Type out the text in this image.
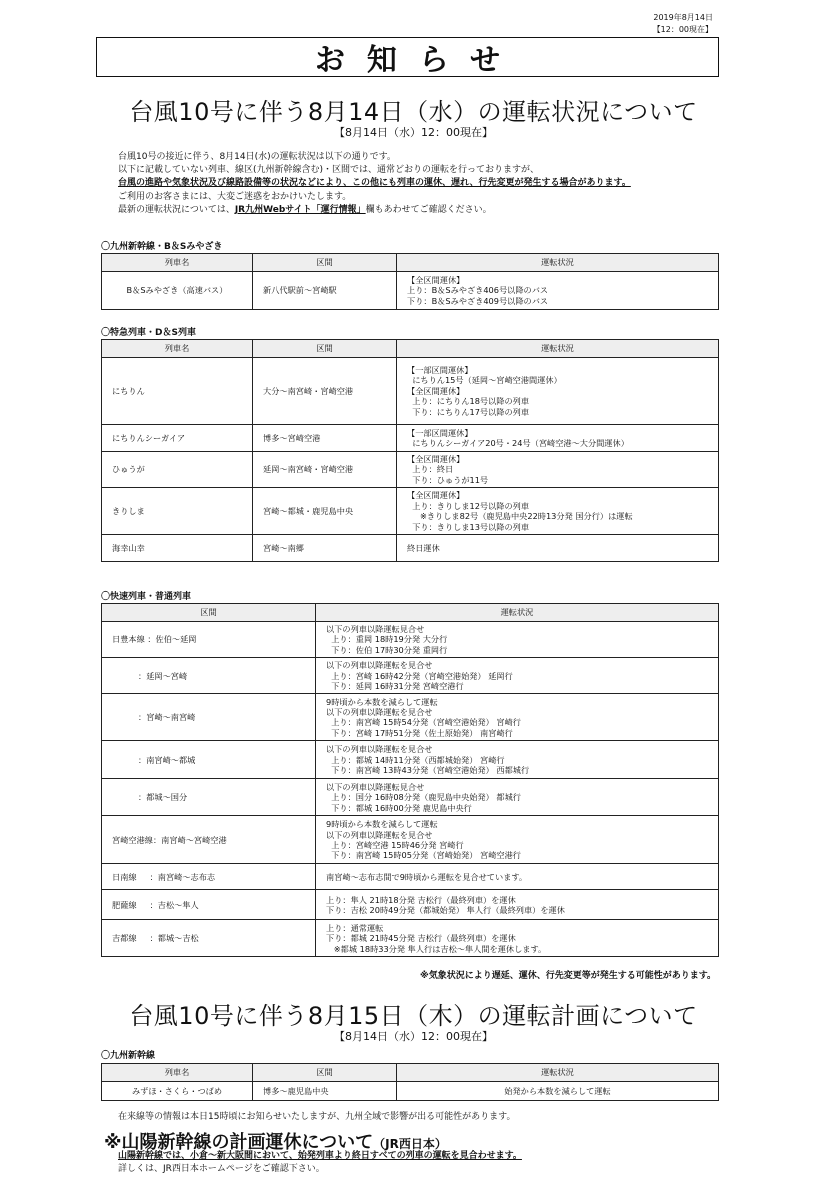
2019年8月14日
【12：00現在】
お知らせ
台風10号に伴う8月14日（水）の運転状況について
【8月14日（水）12：00現在】
台風10号の接近に伴う、8月14日(水)の運転状況は以下の通りです。
以下に記載していない列車、線区(九州新幹線含む)・区間では、通常どおりの運転を行っておりますが、
台風の進路や気象状況及び線路設備等の状況などにより、この他にも列車の運休、遅れ、行先変更が発生する場合があります。
ご利用のお客さまには、大変ご迷惑をおかけいたします。
最新の運転状況については、JR九州Webサイト「運行情報」欄もあわせてご確認ください。
〇九州新幹線・B＆Sみやざき
列車名	区間	運転状況
B＆Sみやざき（高速バス）	新八代駅前～宮崎駅	【全区間運休】
上り：B＆Sみやざき406号以降のバス
下り：B＆Sみやざき409号以降のバス
〇特急列車・D＆S列車
列車名	区間	運転状況
にちりん	大分～南宮崎・宮崎空港	【一部区間運休】
にちりん15号（延岡～宮崎空港間運休）
【全区間運休】
上り：にちりん18号以降の列車
下り：にちりん17号以降の列車
にちりんシーガイア	博多～宮崎空港	【一部区間運休】
にちりんシーガイア20号・24号（宮崎空港～大分間運休）
ひゅうが	延岡～南宮崎・宮崎空港	【全区間運休】
上り：終日
下り：ひゅうが11号
きりしま	宮崎～都城・鹿児島中央	【全区間運休】
上り：きりしま12号以降の列車
※きりしま82号（鹿児島中央22時13分発 国分行）は運転
下り：きりしま13号以降の列車
海幸山幸	宮崎～南郷	終日運休
〇快速列車・普通列車
区間	運転状況
日豊本線 ：佐伯～延岡	以下の列車以降運転見合せ
上り：重岡 18時19分発 大分行
下り：佐伯 17時30分発 重岡行
：延岡～宮崎	以下の列車以降運転を見合せ
上り：宮崎 16時42分発（宮崎空港始発） 延岡行
下り：延岡 16時31分発 宮崎空港行
：宮崎～南宮崎	9時頃から本数を減らして運転
以下の列車以降運転を見合せ
上り：南宮崎 15時54分発（宮崎空港始発） 宮崎行
下り：宮崎 17時51分発（佐土原始発） 南宮崎行
：南宮崎～都城	以下の列車以降運転を見合せ
上り：都城 14時11分発（西都城始発） 宮崎行
下り：南宮崎 13時43分発（宮崎空港始発） 西都城行
：都城～国分	以下の列車以降運転見合せ
上り：国分 16時08分発（鹿児島中央始発） 都城行
下り：都城 16時00分発 鹿児島中央行
宮崎空港線：南宮崎～宮崎空港	9時頃から本数を減らして運転
以下の列車以降運転を見合せ
上り：宮崎空港 15時46分発 宮崎行
下り：南宮崎 15時05分発（宮崎始発） 宮崎空港行
日南線     ：南宮崎～志布志	南宮崎～志布志間で9時頃から運転を見合せています。
肥薩線     ：吉松～隼人	上り：隼人 21時18分発 吉松行（最終列車）を運休
下り：吉松 20時49分発（都城始発） 隼人行（最終列車）を運休
吉都線     ：都城～吉松	上り：通常運転
下り：都城 21時45分発 吉松行（最終列車）を運休
※都城 18時33分発 隼人行は吉松～隼人間を運休します。
※気象状況により遅延、運休、行先変更等が発生する可能性があります。
台風10号に伴う8月15日（木）の運転計画について
【8月14日（水）12：00現在】
〇九州新幹線
列車名	区間	運転状況
みずほ・さくら・つばめ	博多～鹿児島中央	始発から本数を減らして運転
在来線等の情報は本日15時頃にお知らせいたしますが、九州全域で影響が出る可能性があります。
※山陽新幹線の計画運休について（JR西日本）
山陽新幹線では、小倉～新大阪間において、始発列車より終日すべての列車の運転を見合わせます。
詳しくは、JR西日本ホームページをご確認下さい。
